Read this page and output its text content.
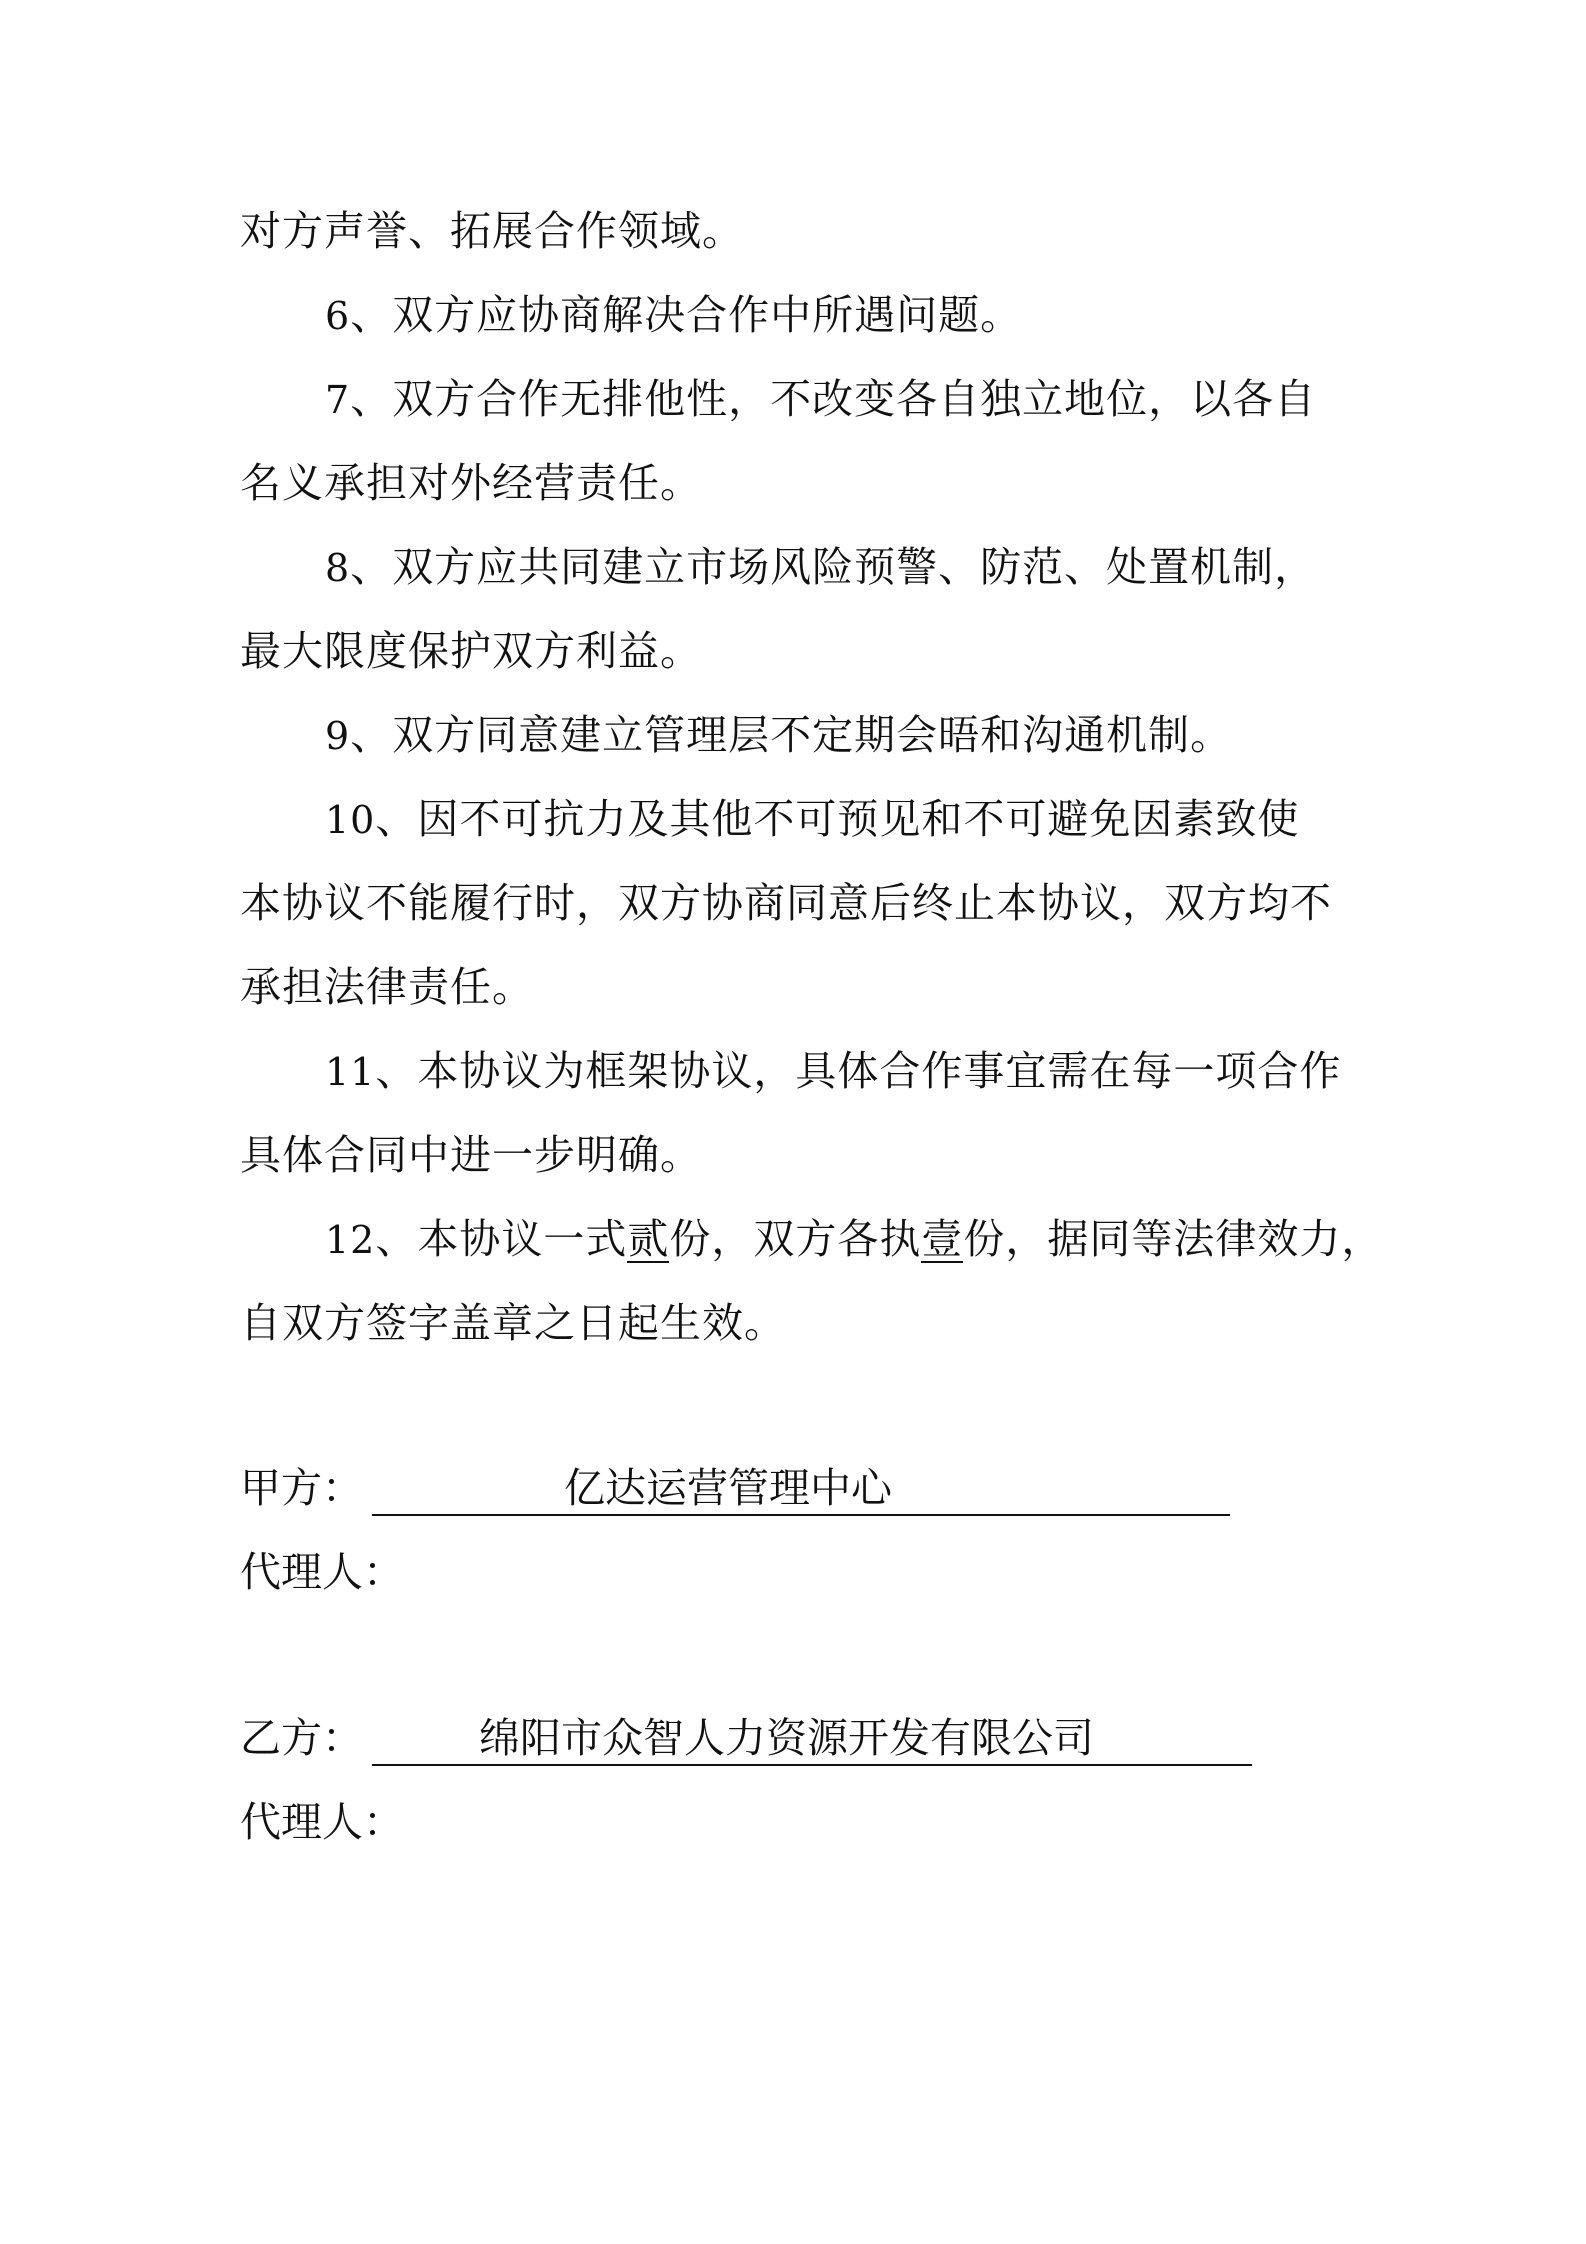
对方声誉、拓展合作领域。
6、双方应协商解决合作中所遇问题。
7、双方合作无排他性，不改变各自独立地位，以各自
名义承担对外经营责任。
8、双方应共同建立市场风险预警、防范、处置机制，
最大限度保护双方利益。
9、双方同意建立管理层不定期会晤和沟通机制。
10、因不可抗力及其他不可预见和不可避免因素致使
本协议不能履行时，双方协商同意后终止本协议，双方均不
承担法律责任。
11、本协议为框架协议，具体合作事宜需在每一项合作
具体合同中进一步明确。
12、本协议一式贰份，双方各执壹份，据同等法律效力，
自双方签字盖章之日起生效。
甲方：	亿达运营管理中心
代理人：
乙方：	绵阳市众智人力资源开发有限公司
代理人：
